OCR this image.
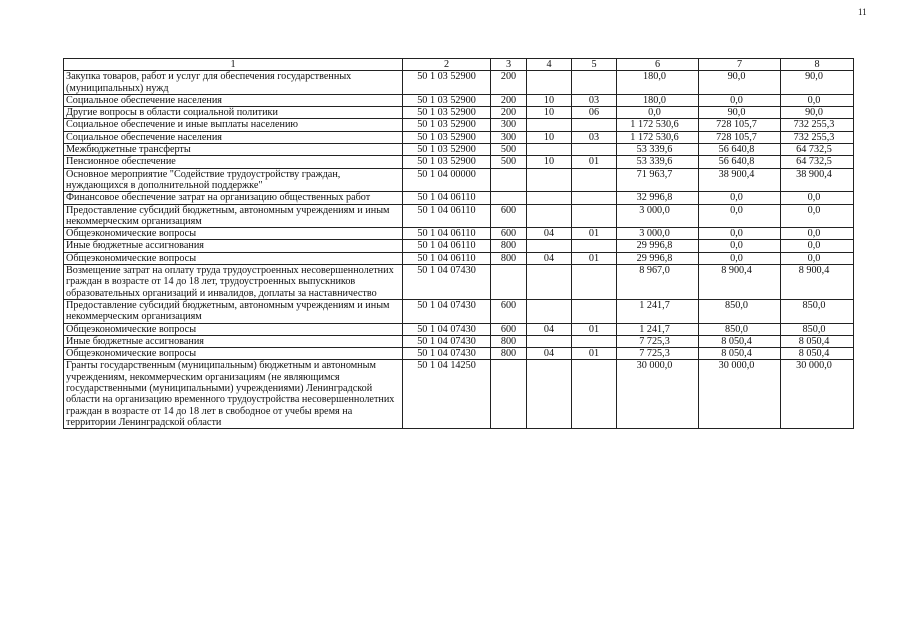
11
1	2	3	4	5	6	7	8
Закупка товаров, работ и услуг для обеспечения государственных (муниципальных) нужд	50 1 03 52900	200			180,0	90,0	90,0
Социальное обеспечение населения	50 1 03 52900	200	10	03	180,0	0,0	0,0
Другие вопросы в области социальной политики	50 1 03 52900	200	10	06	0,0	90,0	90,0
Социальное обеспечение и иные выплаты населению	50 1 03 52900	300			1 172 530,6	728 105,7	732 255,3
Социальное обеспечение населения	50 1 03 52900	300	10	03	1 172 530,6	728 105,7	732 255,3
Межбюджетные трансферты	50 1 03 52900	500			53 339,6	56 640,8	64 732,5
Пенсионное обеспечение	50 1 03 52900	500	10	01	53 339,6	56 640,8	64 732,5
Основное мероприятие "Содействие трудоустройству граждан, нуждающихся в дополнительной поддержке"	50 1 04 00000				71 963,7	38 900,4	38 900,4
Финансовое обеспечение затрат на организацию общественных работ	50 1 04 06110				32 996,8	0,0	0,0
Предоставление субсидий бюджетным, автономным учреждениям и иным некоммерческим организациям	50 1 04 06110	600			3 000,0	0,0	0,0
Общеэкономические вопросы	50 1 04 06110	600	04	01	3 000,0	0,0	0,0
Иные бюджетные ассигнования	50 1 04 06110	800			29 996,8	0,0	0,0
Общеэкономические вопросы	50 1 04 06110	800	04	01	29 996,8	0,0	0,0
Возмещение затрат на оплату труда трудоустроенных несовершеннолетних граждан в возрасте от 14 до 18 лет, трудоустроенных выпускников образовательных организаций и инвалидов, доплаты за наставничество	50 1 04 07430				8 967,0	8 900,4	8 900,4
Предоставление субсидий бюджетным, автономным учреждениям и иным некоммерческим организациям	50 1 04 07430	600			1 241,7	850,0	850,0
Общеэкономические вопросы	50 1 04 07430	600	04	01	1 241,7	850,0	850,0
Иные бюджетные ассигнования	50 1 04 07430	800			7 725,3	8 050,4	8 050,4
Общеэкономические вопросы	50 1 04 07430	800	04	01	7 725,3	8 050,4	8 050,4
Гранты государственным (муниципальным) бюджетным и автономным учреждениям, некоммерческим организациям (не являющимся государственными (муниципальными) учреждениями) Ленинградской области на организацию временного трудоустройства несовершеннолетних граждан в возрасте от 14 до 18 лет в свободное от учебы время на территории Ленинградской области	50 1 04 14250				30 000,0	30 000,0	30 000,0
